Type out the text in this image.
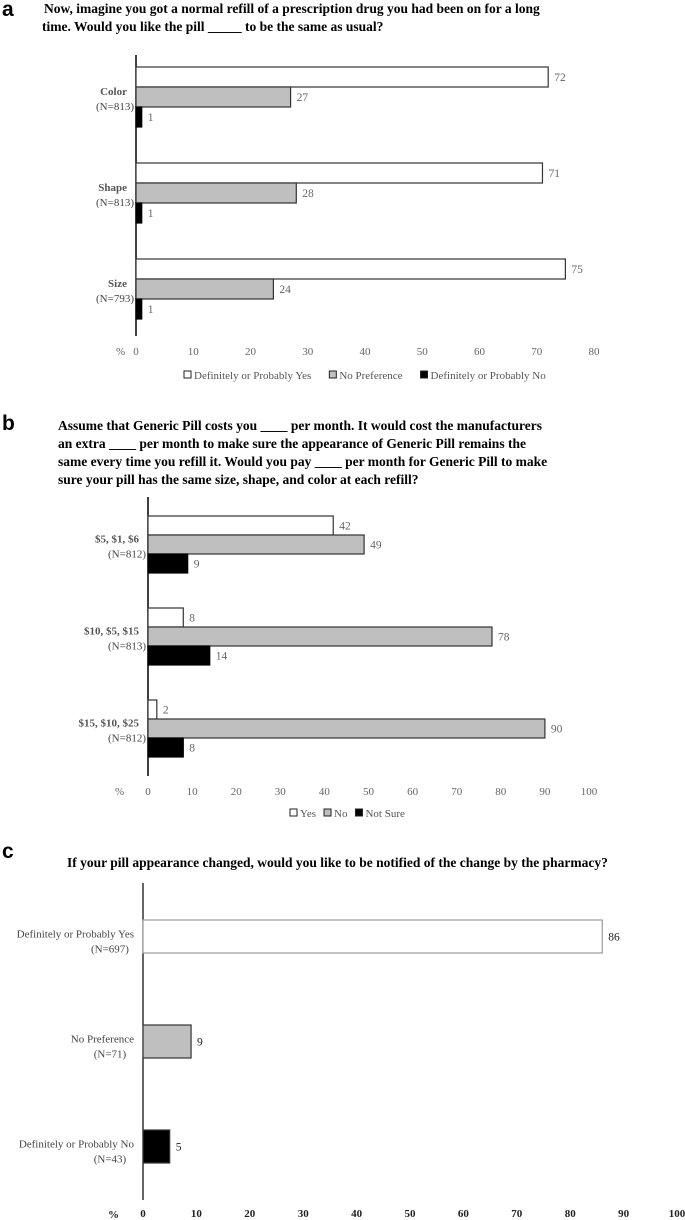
a Now, imagine you got a normal refill of a prescription drug you had been on for a long
time. Would you like the pill _____ to be the same as usual?
Color
(N=813)
72
27
1
Shape
(N=813)
71
28
1
Size
(N=793)
75
24
1
% 0	10	20	30	40	50	60	70	80
Definitely or Probably Yes	No Preference	Definitely or Probably No
b	Assume that Generic Pill costs you ____ per month. It would cost the manufacturers
an extra ____ per month to make sure the appearance of Generic Pill remains the
same every time you refill it. Would you pay ____ per month for Generic Pill to make
sure your pill has the same size, shape, and color at each refill?
$5, $1, $6
(N=812)
42
49
9
$10, $5, $15
(N=813)
8
78
14
$15, $10, $25
(N=812)
2
90
8
% 0	10	20	30	40	50	60	70	80	90	100
Yes No Not Sure
c	If your pill appearance changed, would you like to be notified of the change by the pharmacy?
86
Definitely or Probably Yes
(N=697)
9
No Preference
(N=71)
5
Definitely or Probably No
(N=43)
% 0	10	20	30	40	50	60	70	80	90	100
